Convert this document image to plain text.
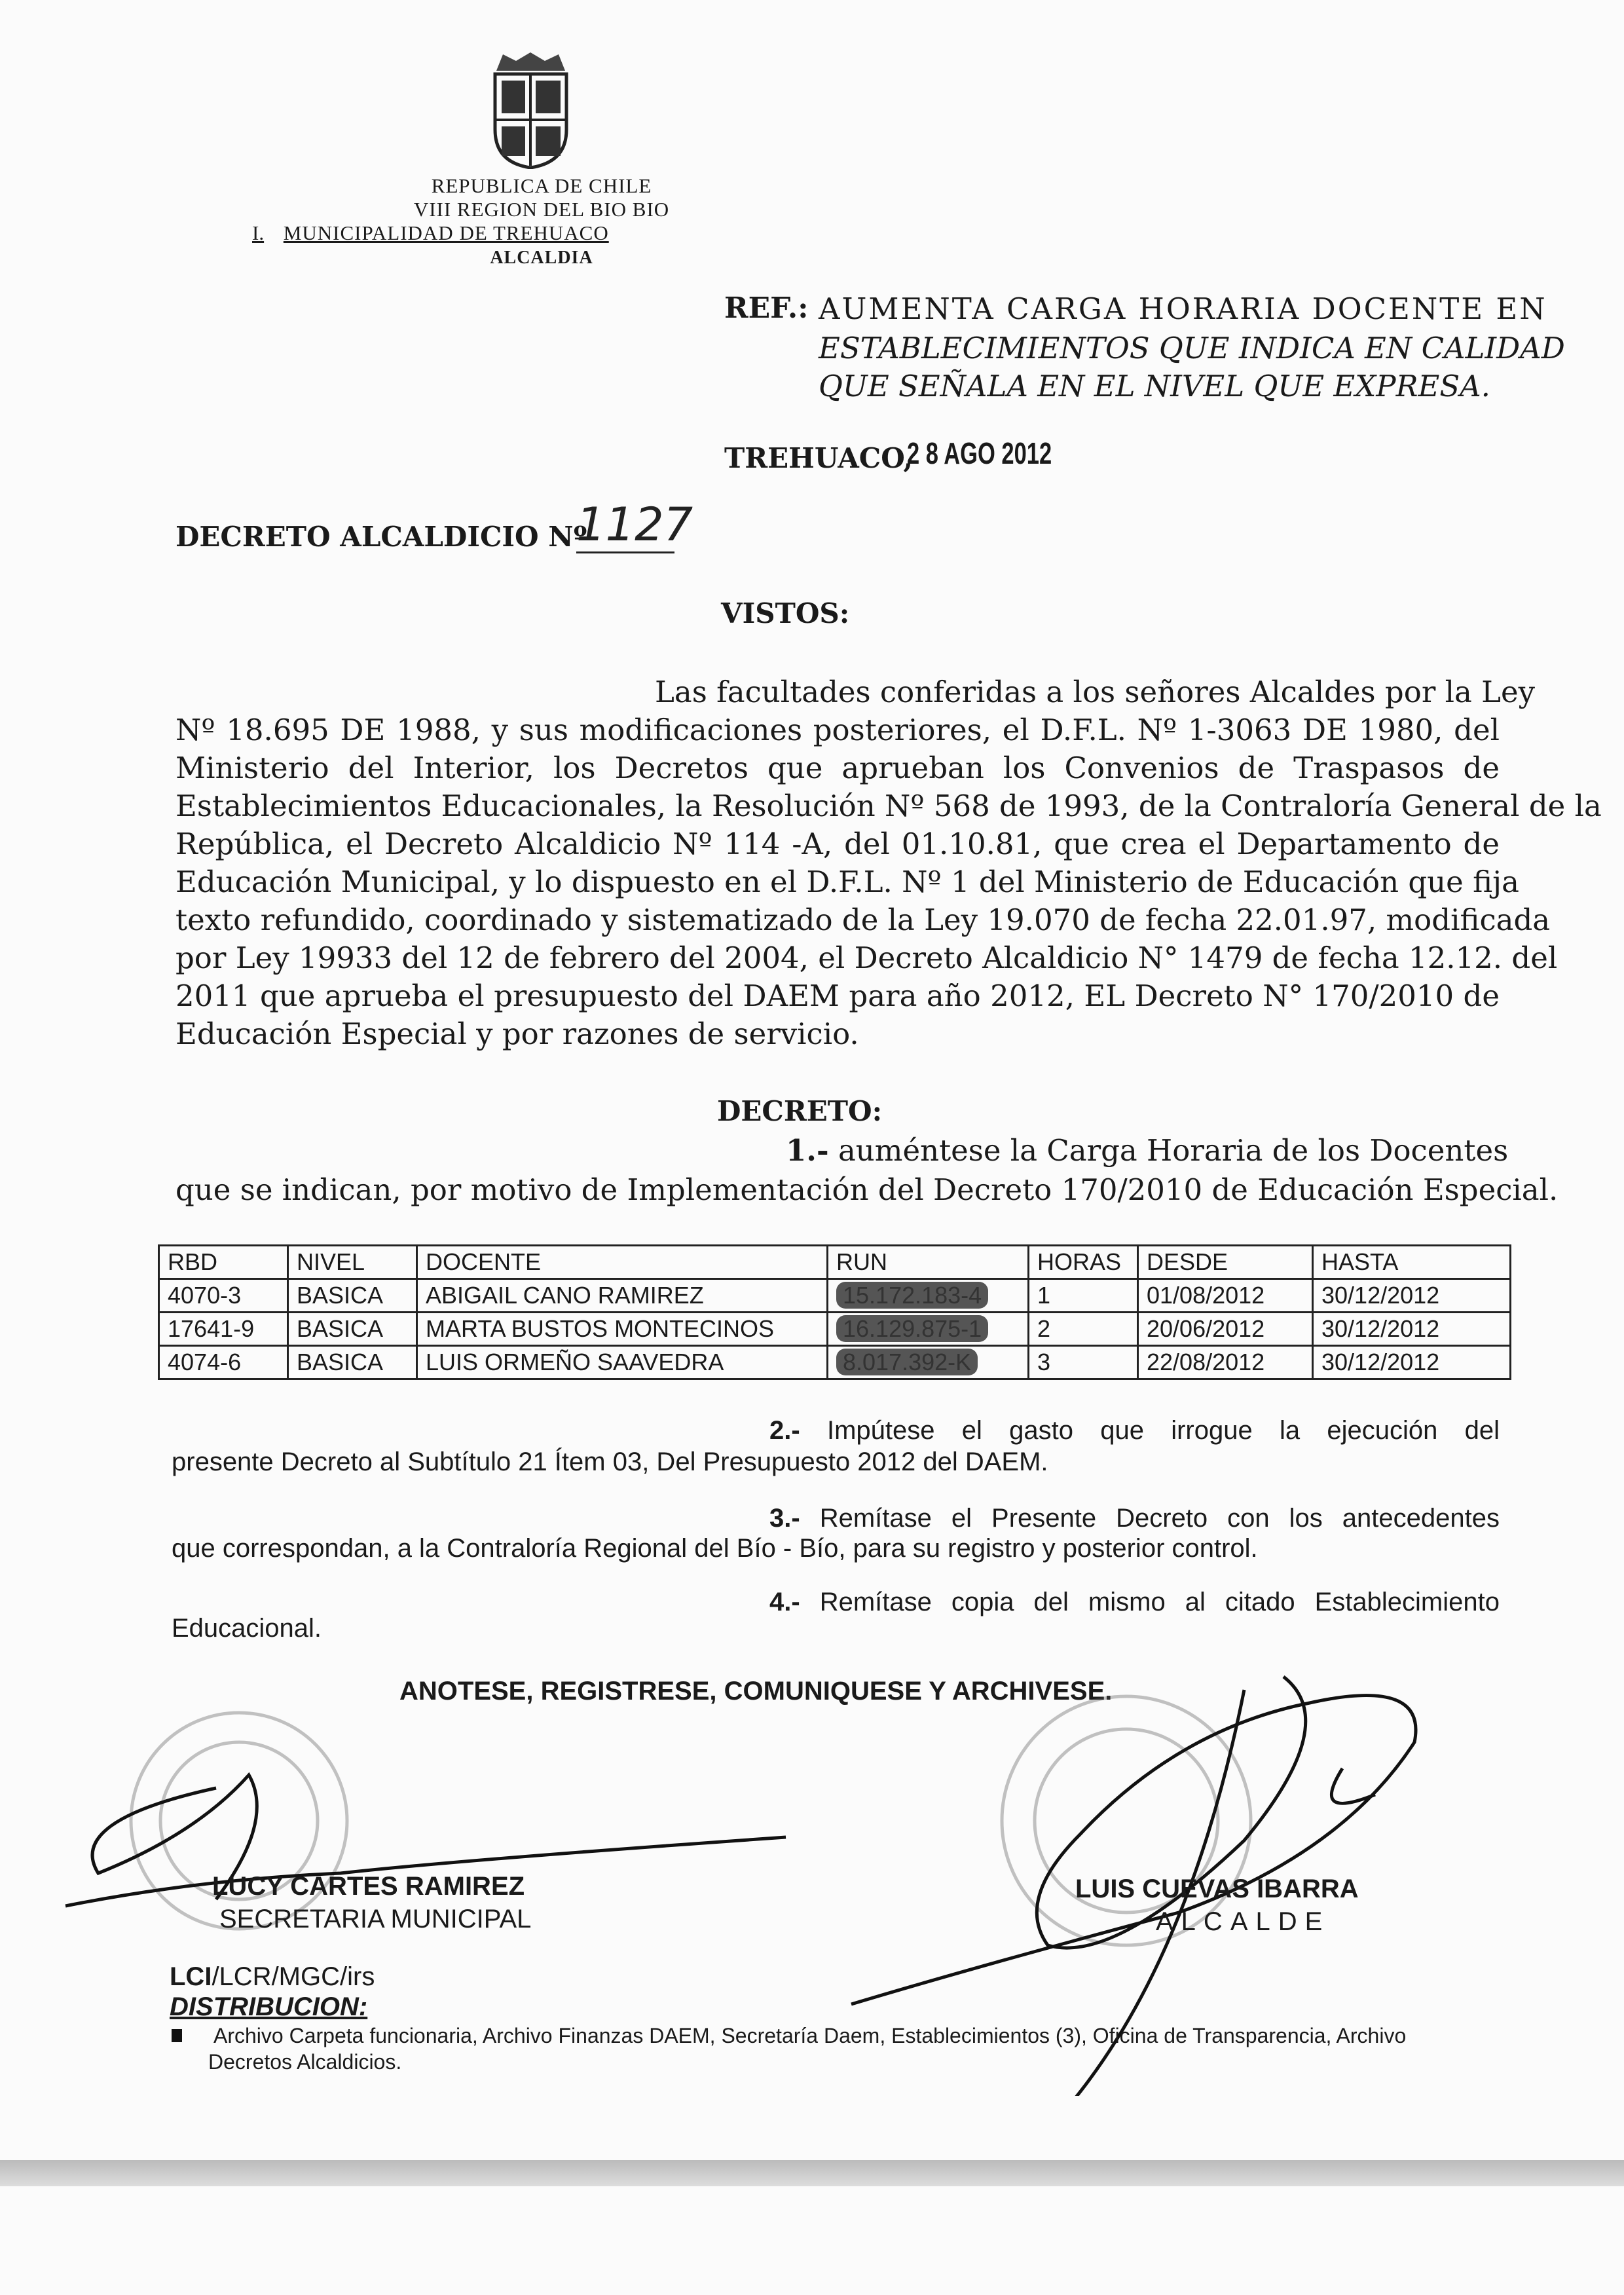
REPUBLICA DE CHILE
VIII REGION DEL BIO BIO
I. MUNICIPALIDAD DE TREHUACO
ALCALDIA
REF.: AUMENTA CARGA HORARIA DOCENTE EN
ESTABLECIMIENTOS QUE INDICA EN CALIDAD
QUE SEÑALA EN EL NIVEL QUE EXPRESA.
TREHUACO,
2 8 AGO 2012
DECRETO ALCALDICIO Nº
1127
VISTOS:
Las facultades conferidas a los señores Alcaldes por la Ley
Nº 18.695 DE 1988, y sus modificaciones posteriores, el D.F.L. Nº 1-3063 DE 1980, del
Ministerio del Interior, los Decretos que aprueban los Convenios de Traspasos de
Establecimientos Educacionales, la Resolución Nº 568 de 1993, de la Contraloría General de la
República, el Decreto Alcaldicio Nº 114 -A, del 01.10.81, que crea el Departamento de
Educación Municipal, y lo dispuesto en el D.F.L. Nº 1 del Ministerio de Educación que fija
texto refundido, coordinado y sistematizado de la Ley 19.070 de fecha 22.01.97, modificada
por Ley 19933 del 12 de febrero del 2004, el Decreto Alcaldicio N° 1479 de fecha 12.12. del
2011 que aprueba el presupuesto del DAEM para año 2012, EL Decreto N° 170/2010 de
Educación Especial y por razones de servicio.
DECRETO:
1.- auméntese la Carga Horaria de los Docentes
que se indican, por motivo de Implementación del Decreto 170/2010 de Educación Especial.
RBD	NIVEL	DOCENTE	RUN	HORAS	DESDE	HASTA
4070-3	BASICA	ABIGAIL CANO RAMIREZ	15.172.183-4	1	01/08/2012	30/12/2012
17641-9	BASICA	MARTA BUSTOS MONTECINOS	16.129.875-1	2	20/06/2012	30/12/2012
4074-6	BASICA	LUIS ORMEÑO SAAVEDRA	8.017.392-K	3	22/08/2012	30/12/2012
2.- Impútese el gasto que irrogue la ejecución del
presente Decreto al Subtítulo 21 Ítem 03, Del Presupuesto 2012 del DAEM.
3.- Remítase el Presente Decreto con los antecedentes
que correspondan, a la Contraloría Regional del Bío - Bío, para su registro y posterior control.
4.- Remítase copia del mismo al citado Establecimiento
Educacional.
ANOTESE, REGISTRESE, COMUNIQUESE Y ARCHIVESE.
LUCY CARTES RAMIREZ
SECRETARIA MUNICIPAL
LUIS CUEVAS IBARRA
ALCALDE
LCI/LCR/MGC/irs
DISTRIBUCION:
Archivo Carpeta funcionaria, Archivo Finanzas DAEM, Secretaría Daem, Establecimientos (3), Oficina de Transparencia, Archivo
Decretos Alcaldicios.
